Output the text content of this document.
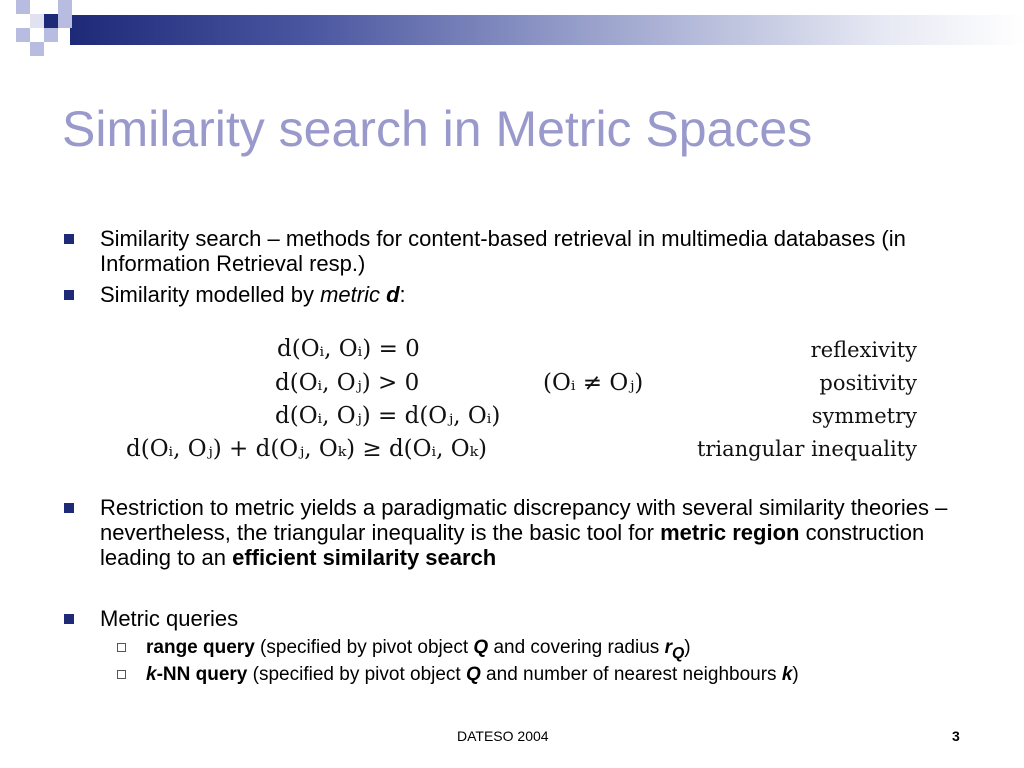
Similarity search in Metric Spaces
Similarity search – methods for content-based retrieval in multimedia databases (in Information Retrieval resp.)
Similarity modelled by metric d:
d(Oᵢ, Oᵢ) = 0
d(Oᵢ, Oⱼ) > 0	(Oᵢ ≠ Oⱼ)
d(Oᵢ, Oⱼ) = d(Oⱼ, Oᵢ)
d(Oᵢ, Oⱼ) + d(Oⱼ, Oₖ) ≥ d(Oᵢ, Oₖ)
reflexivity
positivity
symmetry
triangular inequality
Restriction to metric yields a paradigmatic discrepancy with several similarity theories – nevertheless, the triangular inequality is the basic tool for metric region construction leading to an efficient similarity search
Metric queries
range query (specified by pivot object Q and covering radius $r_Q$)
k-NN query (specified by pivot object Q and number of nearest neighbours k)
DATESO 2004	3
